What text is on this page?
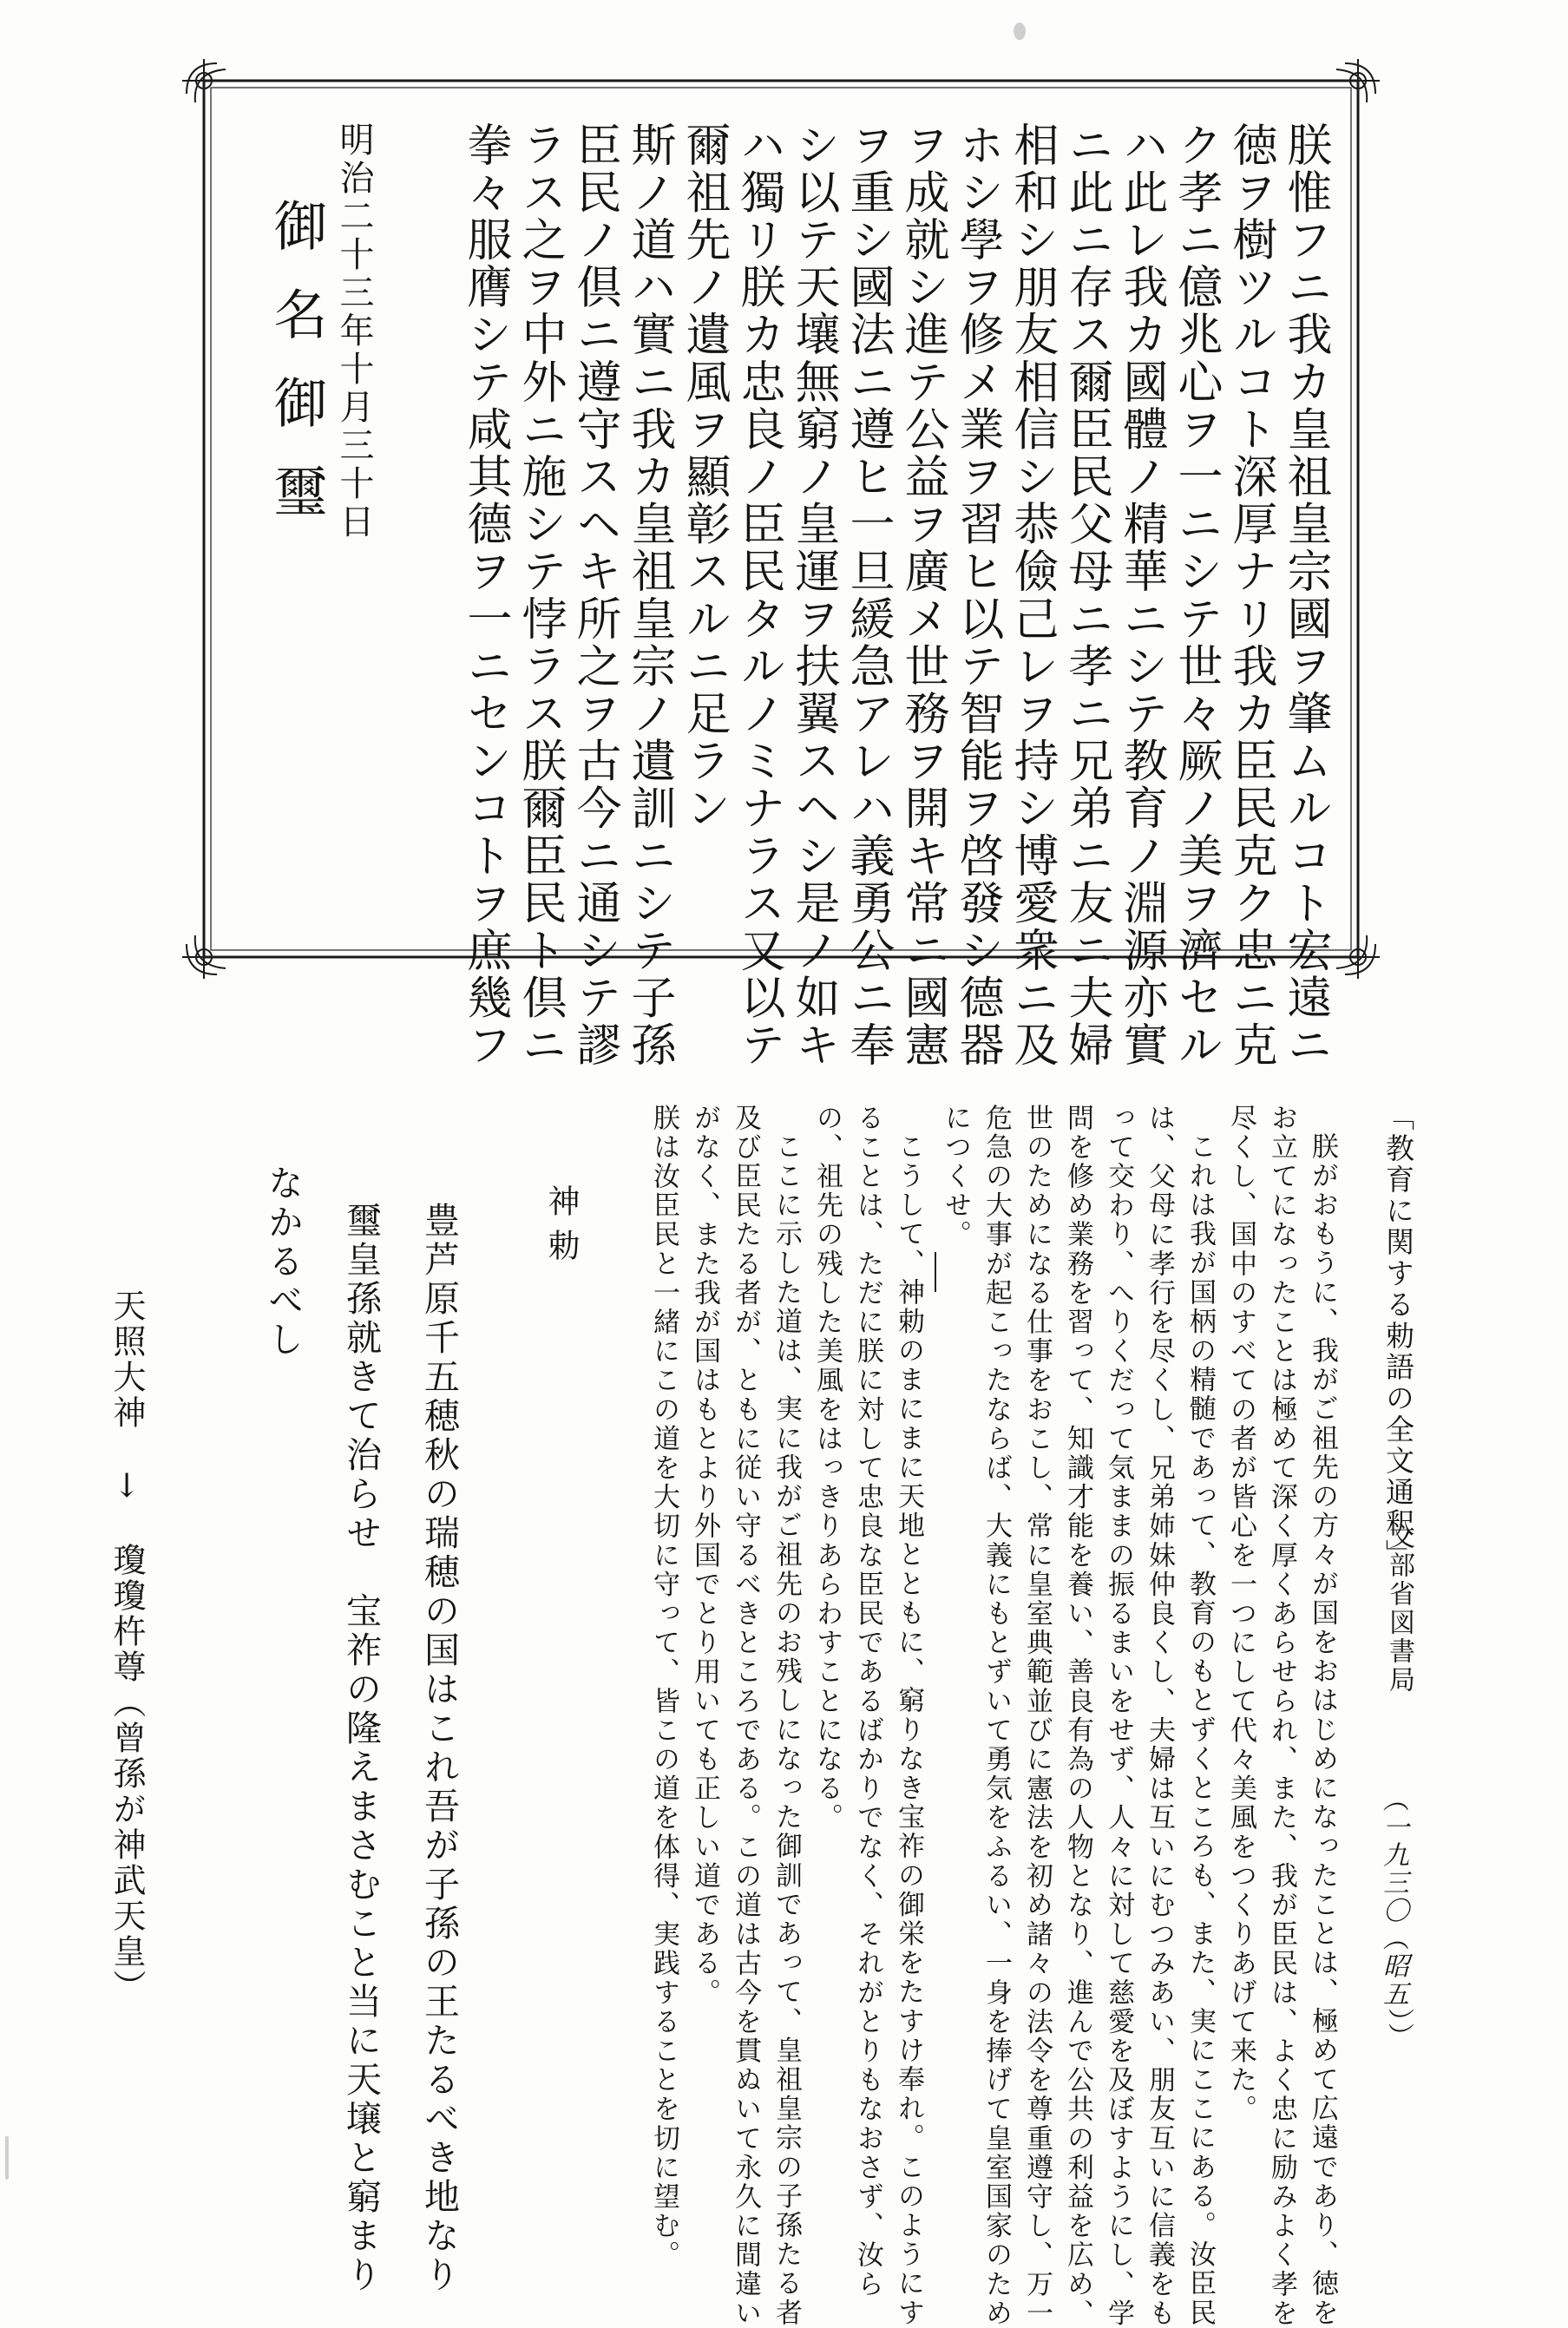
朕惟フニ我カ皇祖皇宗國ヲ肇ムルコト宏遠ニ
徳ヲ樹ツルコト深厚ナリ我カ臣民克ク忠ニ克
ク孝ニ億兆心ヲ一ニシテ世々厥ノ美ヲ濟セル
ハ此レ我カ國體ノ精華ニシテ教育ノ淵源亦實
ニ此ニ存ス爾臣民父母ニ孝ニ兄弟ニ友ニ夫婦
相和シ朋友相信シ恭儉己レヲ持シ博愛衆ニ及
ホシ學ヲ修メ業ヲ習ヒ以テ智能ヲ啓發シ德器
ヲ成就シ進テ公益ヲ廣メ世務ヲ開キ常ニ國憲
ヲ重シ國法ニ遵ヒ一旦緩急アレハ義勇公ニ奉
シ以テ天壤無窮ノ皇運ヲ扶翼スヘシ是ノ如キ
ハ獨リ朕カ忠良ノ臣民タルノミナラス又以テ
爾祖先ノ遺風ヲ顯彰スルニ足ラン
斯ノ道ハ實ニ我カ皇祖皇宗ノ遺訓ニシテ子孫
臣民ノ倶ニ遵守スヘキ所之ヲ古今ニ通シテ謬
ラス之ヲ中外ニ施シテ悖ラス朕爾臣民ト倶ニ
拳々服膺シテ咸其德ヲ一ニセンコトヲ庶幾フ
明治二十三年十月三十日
御名御璽
「教育に関する勅語の全文通釈」
文部省図書局
（一九三〇（昭五））
朕がおもうに、我がご祖先の方々が国をおはじめになったことは、極めて広遠であり、徳を
お立てになったことは極めて深く厚くあらせられ、また、我が臣民は、よく忠に励みよく孝を
尽くし、国中のすべての者が皆心を一つにして代々美風をつくりあげて来た。
これは我が国柄の精髄であって、教育のもとずくところも、また、実にここにある。汝臣民
は、父母に孝行を尽くし、兄弟姉妹仲良くし、夫婦は互いにむつみあい、朋友互いに信義をも
って交わり、へりくだって気ままの振るまいをせず、人々に対して慈愛を及ぼすようにし、学
問を修め業務を習って、知識才能を養い、善良有為の人物となり、進んで公共の利益を広め、
世のためになる仕事をおこし、常に皇室典範並びに憲法を初め諸々の法令を尊重遵守し、万一
危急の大事が起こったならば、大義にもとずいて勇気をふるい、一身を捧げて皇室国家のため
につくせ。
こうして、神勅のまにまに天地とともに、窮りなき宝祚の御栄をたすけ奉れ。このようにす
ることは、ただに朕に対して忠良な臣民であるばかりでなく、それがとりもなおさず、汝ら
の、祖先の残した美風をはっきりあらわすことになる。
ここに示した道は、実に我がご祖先のお残しになった御訓であって、皇祖皇宗の子孫たる者
及び臣民たる者が、ともに従い守るべきところである。この道は古今を貫ぬいて永久に間違い
がなく、また我が国はもとより外国でとり用いても正しい道である。
朕は汝臣民と一緒にこの道を大切に守って、皆この道を体得、実践することを切に望む。
神勅
豊芦原千五穂秋の瑞穂の国はこれ吾が子孫の王たるべき地なり
璽皇孫就きて治らせ　宝祚の隆えまさむこと当に天壌と窮まり
なかるべし
天照大神　↓　瓊瓊杵尊（曾孫が神武天皇）
